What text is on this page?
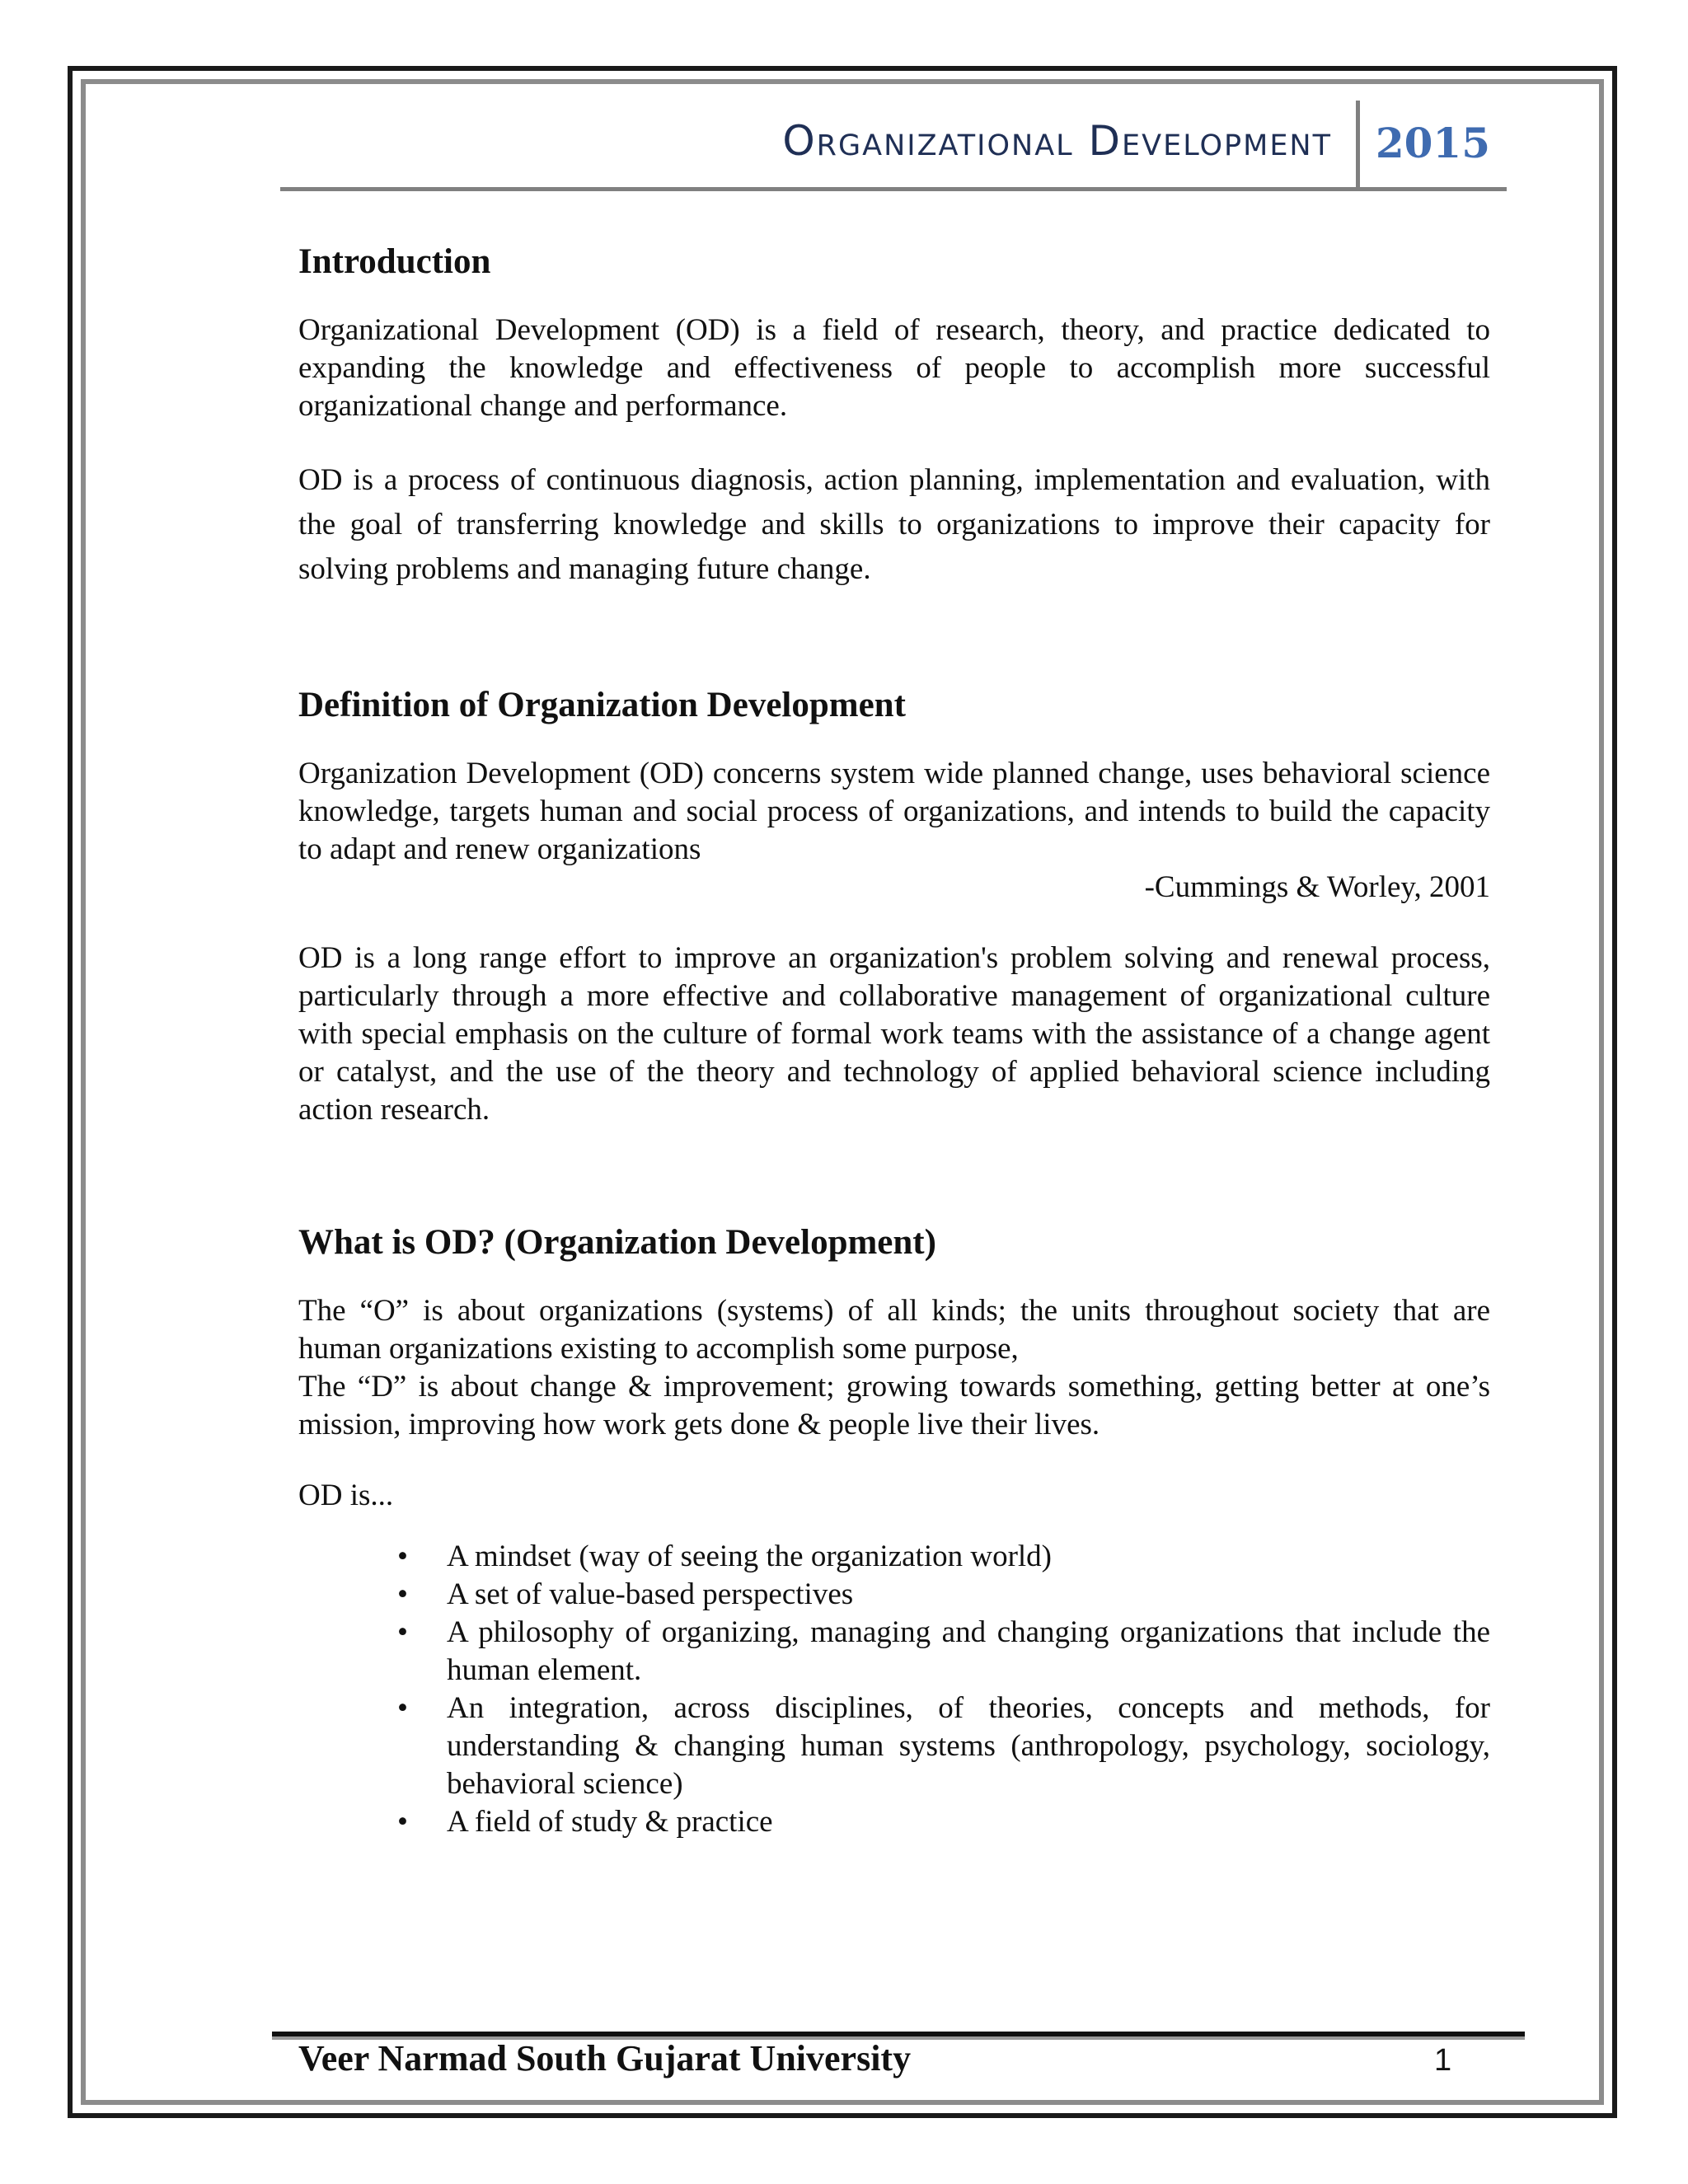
Organizational Development 2015
Introduction

Organizational Development (OD) is a field of research, theory, and practice dedicated to expanding the knowledge and effectiveness of people to accomplish more successful organizational change and performance.

OD is a process of continuous diagnosis, action planning, implementation and evaluation, with the goal of transferring knowledge and skills to organizations to improve their capacity for solving problems and managing future change.

Definition of Organization Development

Organization Development (OD) concerns system wide planned change, uses behavioral science knowledge, targets human and social process of organizations, and intends to build the capacity to adapt and renew organizations

-Cummings & Worley, 2001

OD is a long range effort to improve an organization's problem solving and renewal process, particularly through a more effective and collaborative management of organizational culture with special emphasis on the culture of formal work teams with the assistance of a change agent or catalyst, and the use of the theory and technology of applied behavioral science including action research.

What is OD? (Organization Development)

The “O” is about organizations (systems) of all kinds; the units throughout society that are human organizations existing to accomplish some purpose,

The “D” is about change & improvement; growing towards something, getting better at one’s mission, improving how work gets done & people live their lives.

OD is...

• A mindset (way of seeing the organization world)
• A set of value-based perspectives
• A philosophy of organizing, managing and changing organizations that include the human element.
• An integration, across disciplines, of theories, concepts and methods, for understanding & changing human systems (anthropology, psychology, sociology, behavioral science)
• A field of study & practice
Veer Narmad South Gujarat University	1
